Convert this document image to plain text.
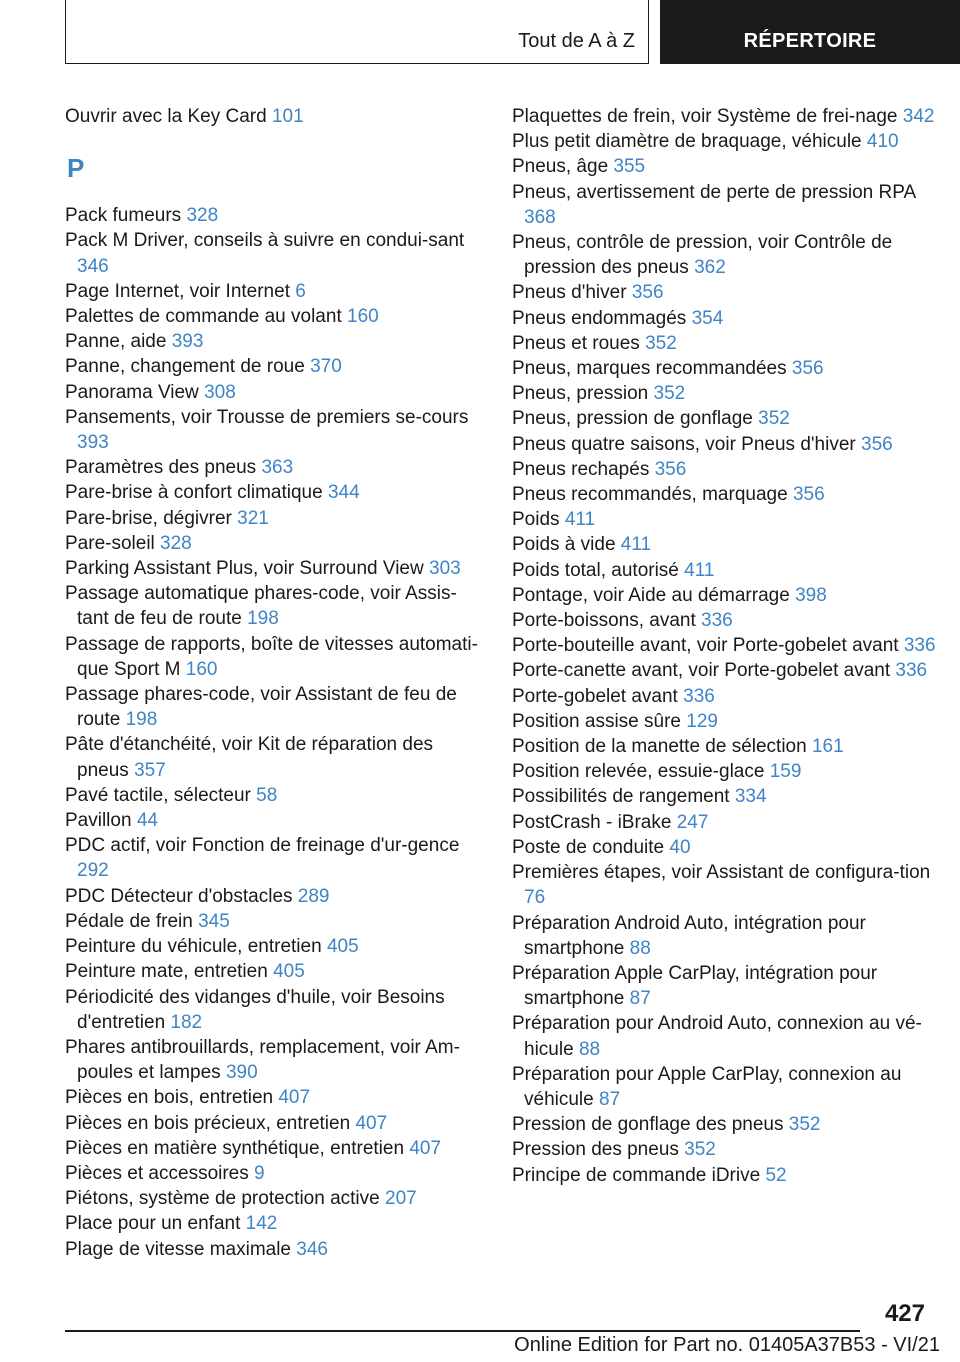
Tout de A à Z	RÉPERTOIRE
Ouvrir avec la Key Card 101
P
Pack fumeurs 328
Pack M Driver, conseils à suivre en condui‐sant 346
Page Internet, voir Internet 6
Palettes de commande au volant 160
Panne, aide 393
Panne, changement de roue 370
Panorama View 308
Pansements, voir Trousse de premiers se‐cours 393
Paramètres des pneus 363
Pare-brise à confort climatique 344
Pare-brise, dégivrer 321
Pare-soleil 328
Parking Assistant Plus, voir Surround View 303
Passage automatique phares-code, voir Assis‐tant de feu de route 198
Passage de rapports, boîte de vitesses automati‐que Sport M 160
Passage phares-code, voir Assistant de feu de route 198
Pâte d'étanchéité, voir Kit de réparation des pneus 357
Pavé tactile, sélecteur 58
Pavillon 44
PDC actif, voir Fonction de freinage d'ur‐gence 292
PDC Détecteur d'obstacles 289
Pédale de frein 345
Peinture du véhicule, entretien 405
Peinture mate, entretien 405
Périodicité des vidanges d'huile, voir Besoins d'entretien 182
Phares antibrouillards, remplacement, voir Am‐poules et lampes 390
Pièces en bois, entretien 407
Pièces en bois précieux, entretien 407
Pièces en matière synthétique, entretien 407
Pièces et accessoires 9
Piétons, système de protection active 207
Place pour un enfant 142
Plage de vitesse maximale 346
Plaquettes de frein, voir Système de frei‐nage 342
Plus petit diamètre de braquage, véhicule 410
Pneus, âge 355
Pneus, avertissement de perte de pression RPA 368
Pneus, contrôle de pression, voir Contrôle de pression des pneus 362
Pneus d'hiver 356
Pneus endommagés 354
Pneus et roues 352
Pneus, marques recommandées 356
Pneus, pression 352
Pneus, pression de gonflage 352
Pneus quatre saisons, voir Pneus d'hiver 356
Pneus rechapés 356
Pneus recommandés, marquage 356
Poids 411
Poids à vide 411
Poids total, autorisé 411
Pontage, voir Aide au démarrage 398
Porte-boissons, avant 336
Porte-bouteille avant, voir Porte-gobelet avant 336
Porte-canette avant, voir Porte-gobelet avant 336
Porte-gobelet avant 336
Position assise sûre 129
Position de la manette de sélection 161
Position relevée, essuie-glace 159
Possibilités de rangement 334
PostCrash - iBrake 247
Poste de conduite 40
Premières étapes, voir Assistant de configura‐tion 76
Préparation Android Auto, intégration pour smartphone 88
Préparation Apple CarPlay, intégration pour smartphone 87
Préparation pour Android Auto, connexion au vé‐hicule 88
Préparation pour Apple CarPlay, connexion au véhicule 87
Pression de gonflage des pneus 352
Pression des pneus 352
Principe de commande iDrive 52
427
Online Edition for Part no. 01405A37B53 - VI/21
